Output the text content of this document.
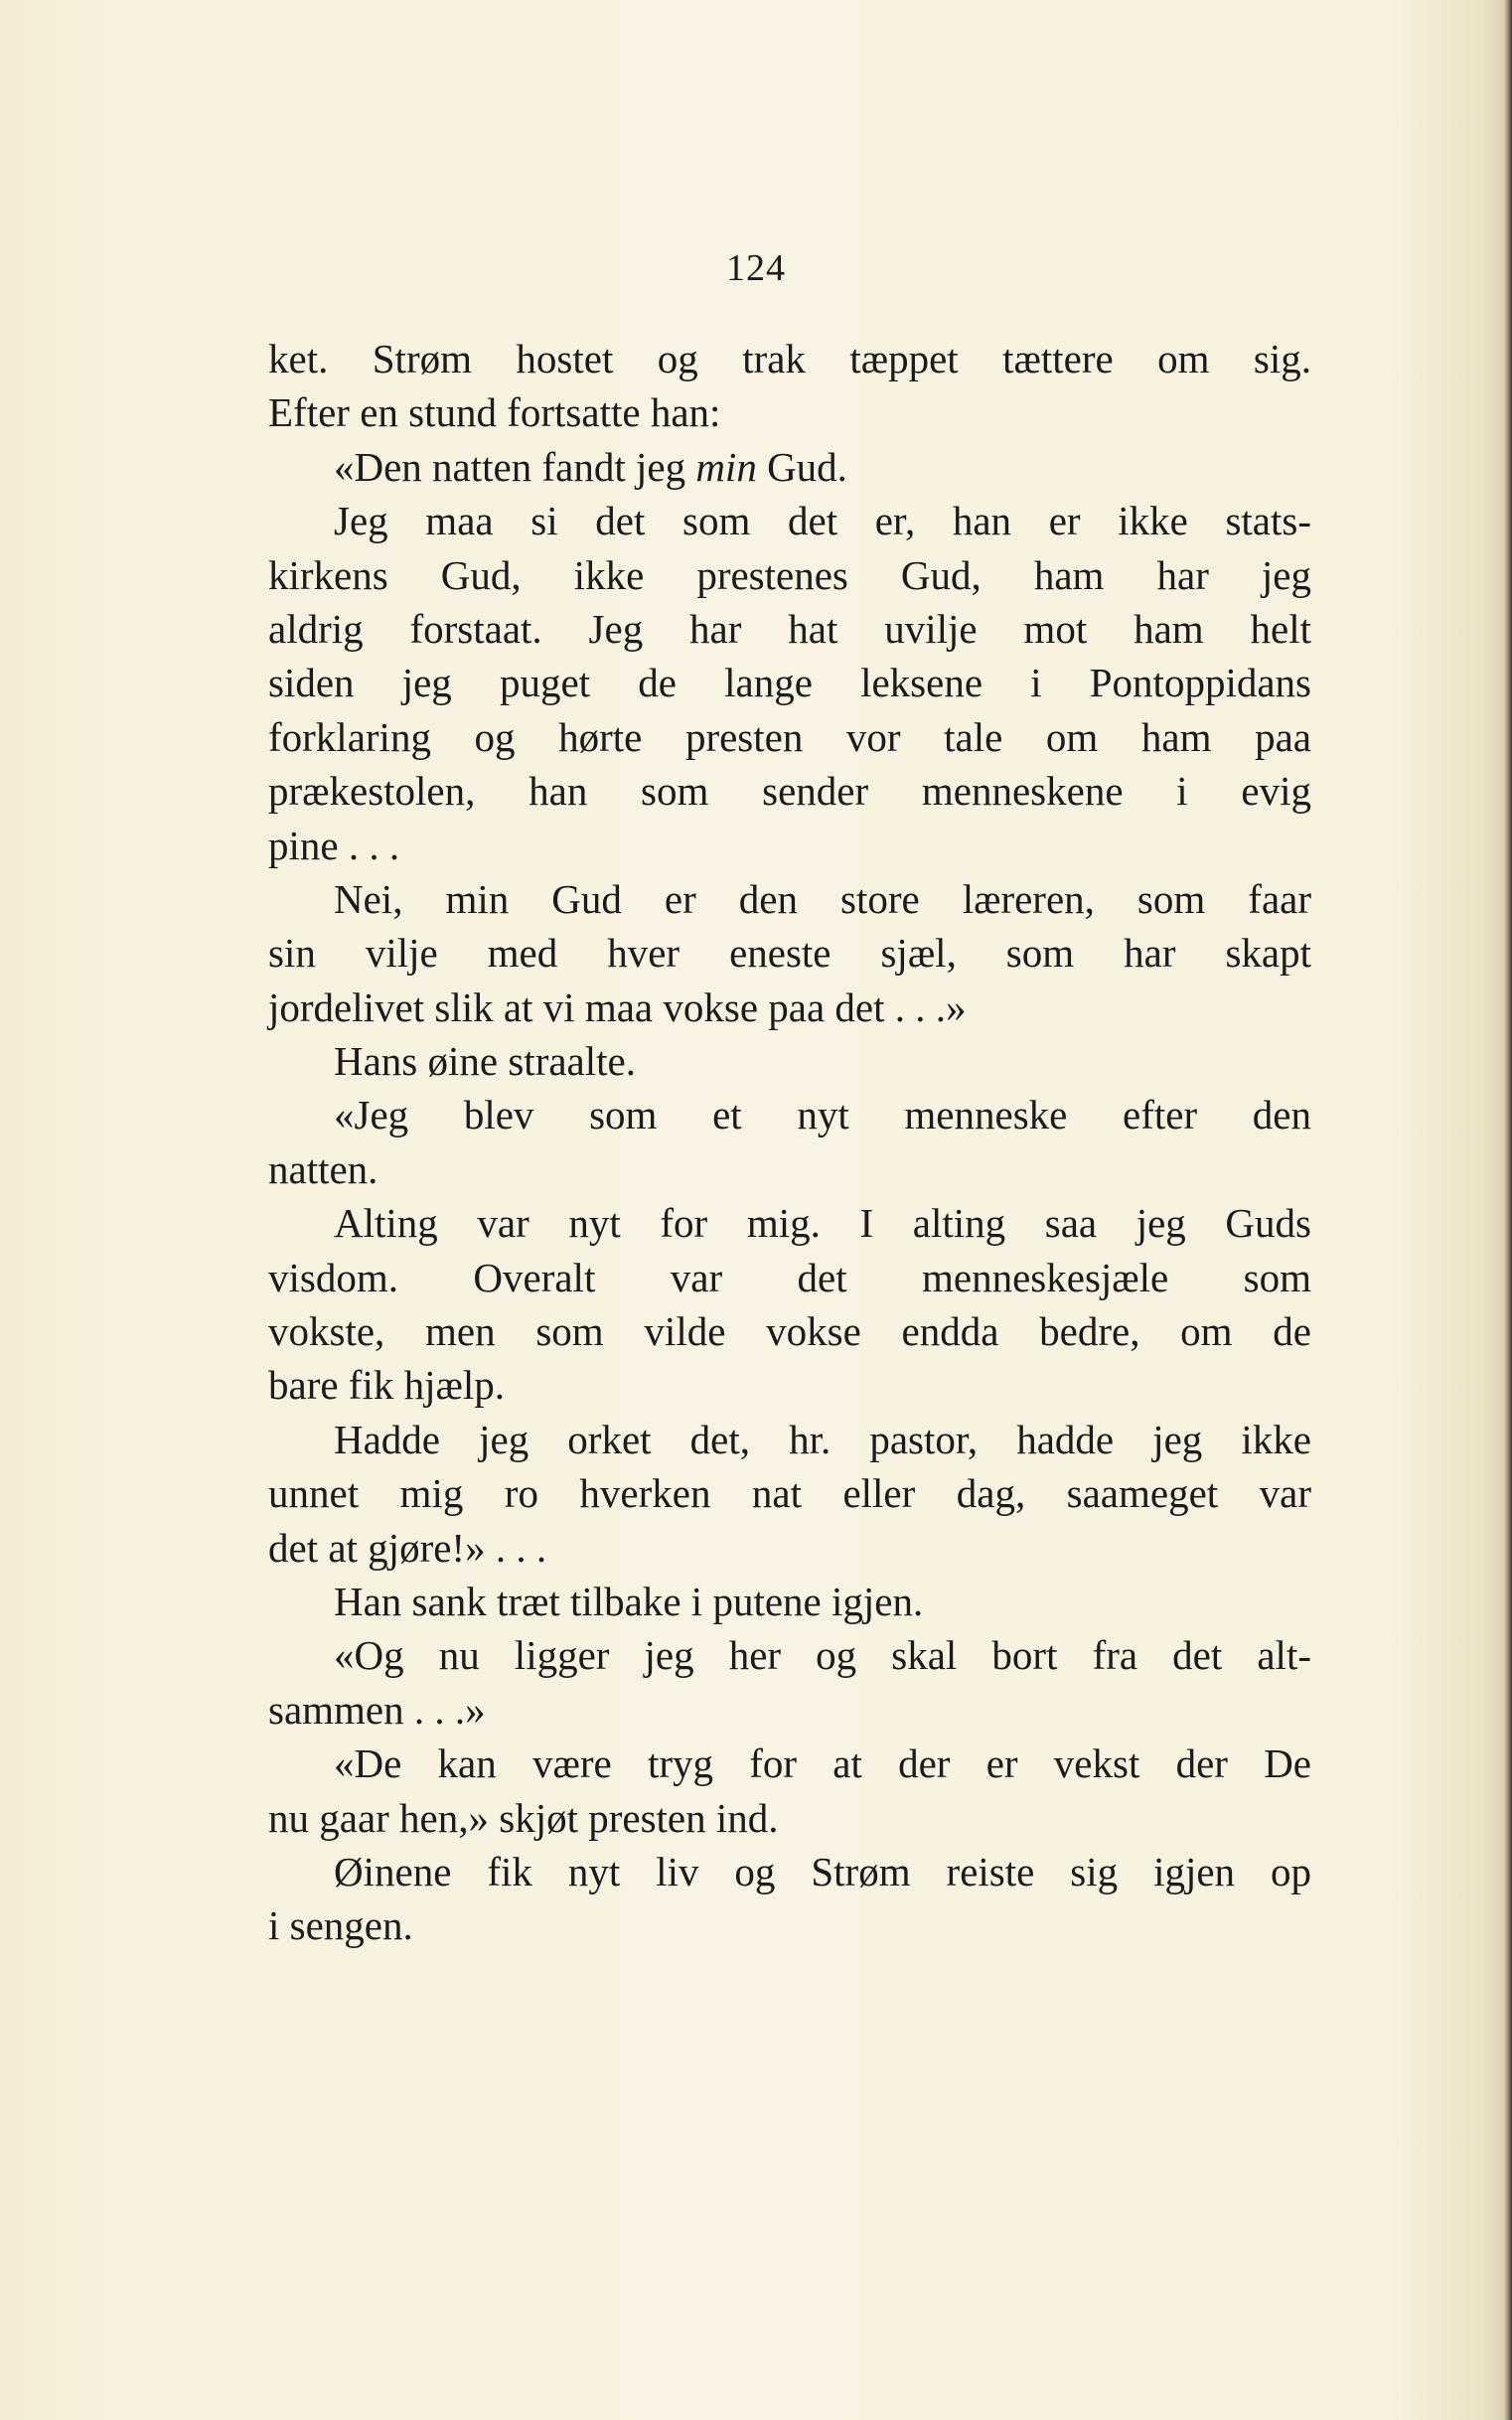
124
ket. Strøm hostet og trak tæppet tættere om sig.
Efter en stund fortsatte han:
«Den natten fandt jeg min Gud.
Jeg maa si det som det er, han er ikke stats-
kirkens Gud, ikke prestenes Gud, ham har jeg
aldrig forstaat. Jeg har hat uvilje mot ham helt
siden jeg puget de lange leksene i Pontoppidans
forklaring og hørte presten vor tale om ham paa
prækestolen, han som sender menneskene i evig
pine . . .
Nei, min Gud er den store læreren, som faar
sin vilje med hver eneste sjæl, som har skapt
jordelivet slik at vi maa vokse paa det . . .»
Hans øine straalte.
«Jeg blev som et nyt menneske efter den
natten.
Alting var nyt for mig. I alting saa jeg Guds
visdom. Overalt var det menneskesjæle som
vokste, men som vilde vokse endda bedre, om de
bare fik hjælp.
Hadde jeg orket det, hr. pastor, hadde jeg ikke
unnet mig ro hverken nat eller dag, saameget var
det at gjøre!» . . .
Han sank træt tilbake i putene igjen.
«Og nu ligger jeg her og skal bort fra det alt-
sammen . . .»
«De kan være tryg for at der er vekst der De
nu gaar hen,» skjøt presten ind.
Øinene fik nyt liv og Strøm reiste sig igjen op
i sengen.
